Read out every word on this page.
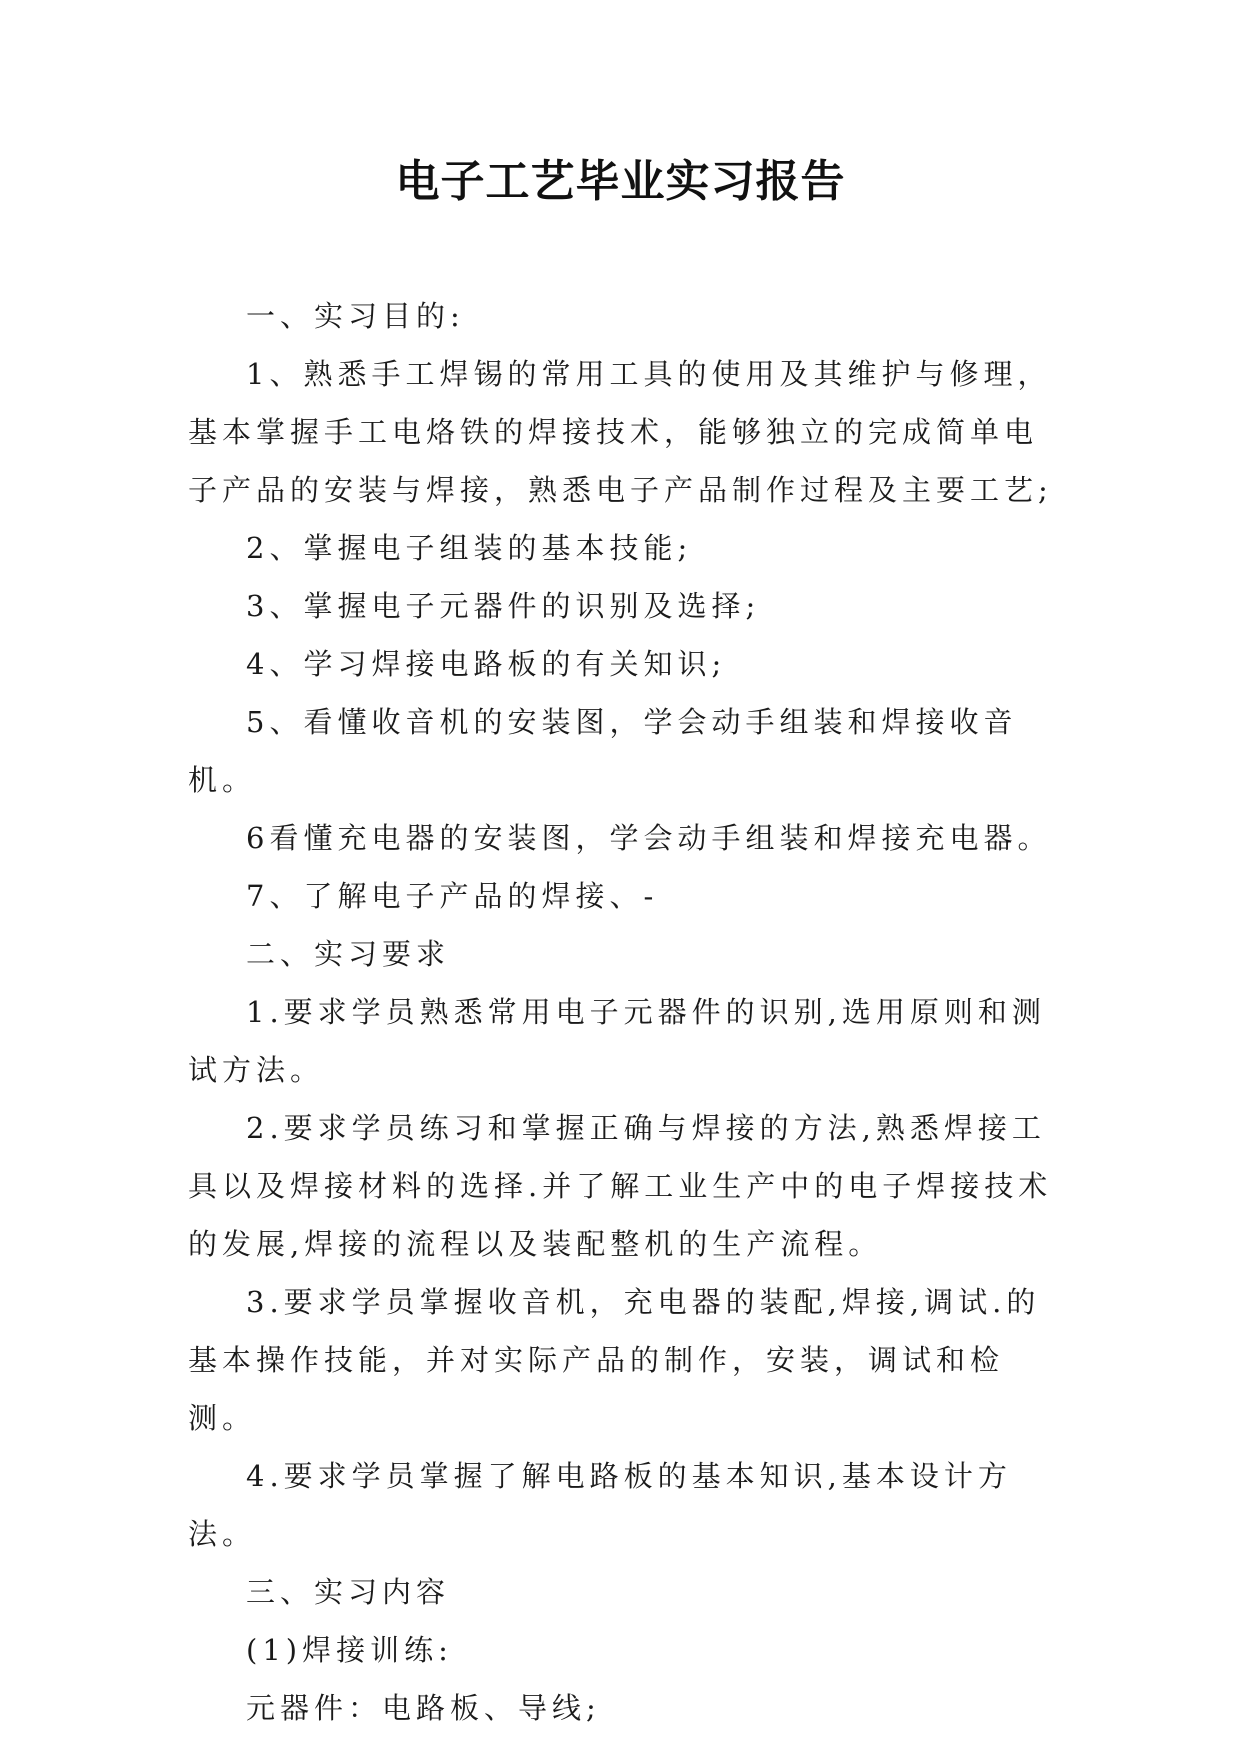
电子工艺毕业实习报告

一、实习目的:

1、熟悉手工焊锡的常用工具的使用及其维护与修理，基本掌握手工电烙铁的焊接技术，能够独立的完成简单电子产品的安装与焊接，熟悉电子产品制作过程及主要工艺;

2、掌握电子组装的基本技能;

3、掌握电子元器件的识别及选择;

4、学习焊接电路板的有关知识;

5、看懂收音机的安装图，学会动手组装和焊接收音机。

6看懂充电器的安装图，学会动手组装和焊接充电器。

7、了解电子产品的焊接、-

二、实习要求

1.要求学员熟悉常用电子元器件的识别,选用原则和测试方法。

2.要求学员练习和掌握正确与焊接的方法,熟悉焊接工具以及焊接材料的选择.并了解工业生产中的电子焊接技术的发展,焊接的流程以及装配整机的生产流程。

3.要求学员掌握收音机，充电器的装配,焊接,调试.的基本操作技能，并对实际产品的制作，安装，调试和检测。

4.要求学员掌握了解电路板的基本知识,基本设计方法。

三、实习内容

(1)焊接训练:

元器件：电路板、导线;
